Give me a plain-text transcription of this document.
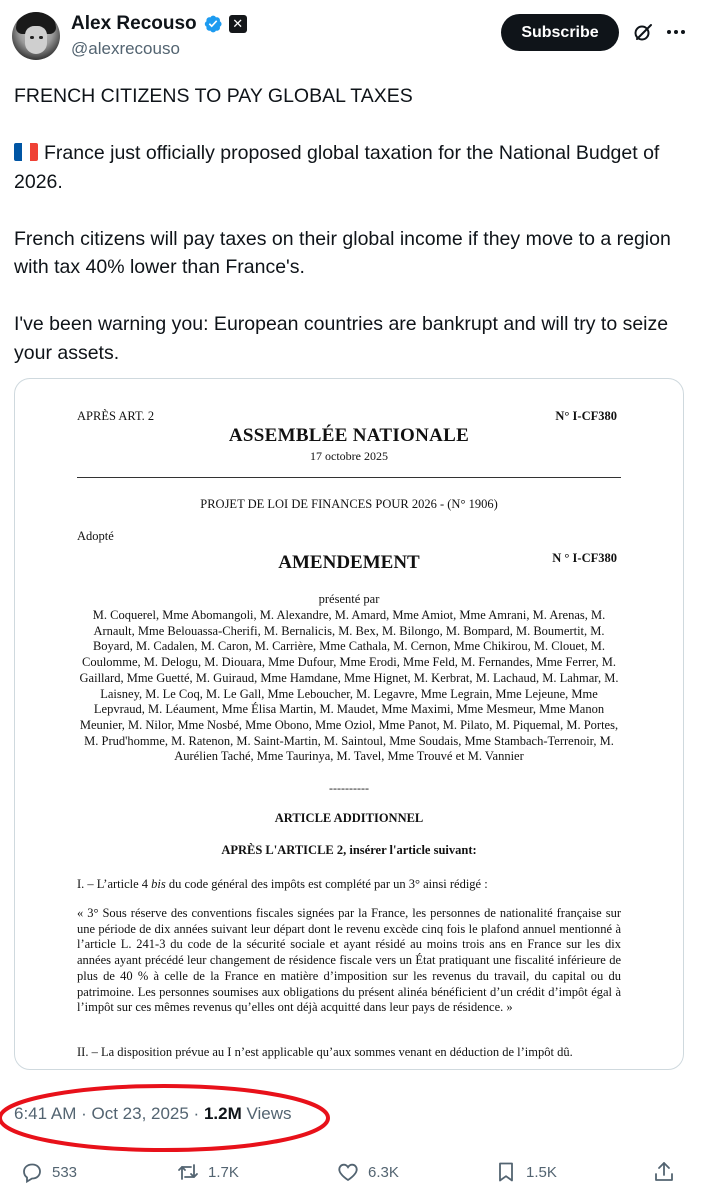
Alex Recouso	✕
@alexrecouso
Subscribe

FRENCH CITIZENS TO PAY GLOBAL TAXES

France just officially proposed global taxation for the National Budget of 2026.

French citizens will pay taxes on their global income if they move to a region with tax 40% lower than France's.

I've been warning you: European countries are bankrupt and will try to seize your assets.

APRÈS ART. 2	N° I-CF380
ASSEMBLÉE NATIONALE
17 octobre 2025
PROJET DE LOI DE FINANCES POUR 2026 - (N° 1906)
Adopté
AMENDEMENT	N ° I-CF380
présenté par
M. Coquerel, Mme Abomangoli, M. Alexandre, M. Amard, Mme Amiot, Mme Amrani, M. Arenas, M. Arnault, Mme Belouassa-Cherifi, M. Bernalicis, M. Bex, M. Bilongo, M. Bompard, M. Boumertit, M. Boyard, M. Cadalen, M. Caron, M. Carrière, Mme Cathala, M. Cernon, Mme Chikirou, M. Clouet, M. Coulomme, M. Delogu, M. Diouara, Mme Dufour, Mme Erodi, Mme Feld, M. Fernandes, Mme Ferrer, M. Gaillard, Mme Guetté, M. Guiraud, Mme Hamdane, Mme Hignet, M. Kerbrat, M. Lachaud, M. Lahmar, M. Laisney, M. Le Coq, M. Le Gall, Mme Leboucher, M. Legavre, Mme Legrain, Mme Lejeune, Mme Lepvraud, M. Léaument, Mme Élisa Martin, M. Maudet, Mme Maximi, Mme Mesmeur, Mme Manon Meunier, M. Nilor, Mme Nosbé, Mme Obono, Mme Oziol, Mme Panot, M. Pilato, M. Piquemal, M. Portes, M. Prud'homme, M. Ratenon, M. Saint-Martin, M. Saintoul, Mme Soudais, Mme Stambach-Terrenoir, M. Aurélien Taché, Mme Taurinya, M. Tavel, Mme Trouvé et M. Vannier
----------
ARTICLE ADDITIONNEL
APRÈS L'ARTICLE 2, insérer l'article suivant:
I. – L’article 4 bis du code général des impôts est complété par un 3° ainsi rédigé :
« 3° Sous réserve des conventions fiscales signées par la France, les personnes de nationalité française sur une période de dix années suivant leur départ dont le revenu excède cinq fois le plafond annuel mentionné à l’article L. 241-3 du code de la sécurité sociale et ayant résidé au moins trois ans en France sur les dix années ayant précédé leur changement de résidence fiscale vers un État pratiquant une fiscalité inférieure de plus de 40 % à celle de la France en matière d’imposition sur les revenus du travail, du capital ou du patrimoine. Les personnes soumises aux obligations du présent alinéa bénéficient d’un crédit d’impôt égal à l’impôt sur ces mêmes revenus qu’elles ont déjà acquitté dans leur pays de résidence. »
II. – La disposition prévue au I n’est applicable qu’aux sommes venant en déduction de l’impôt dû.
6:41 AM · Oct 23, 2025 · 1.2M Views
533	1.7K	6.3K	1.5K
